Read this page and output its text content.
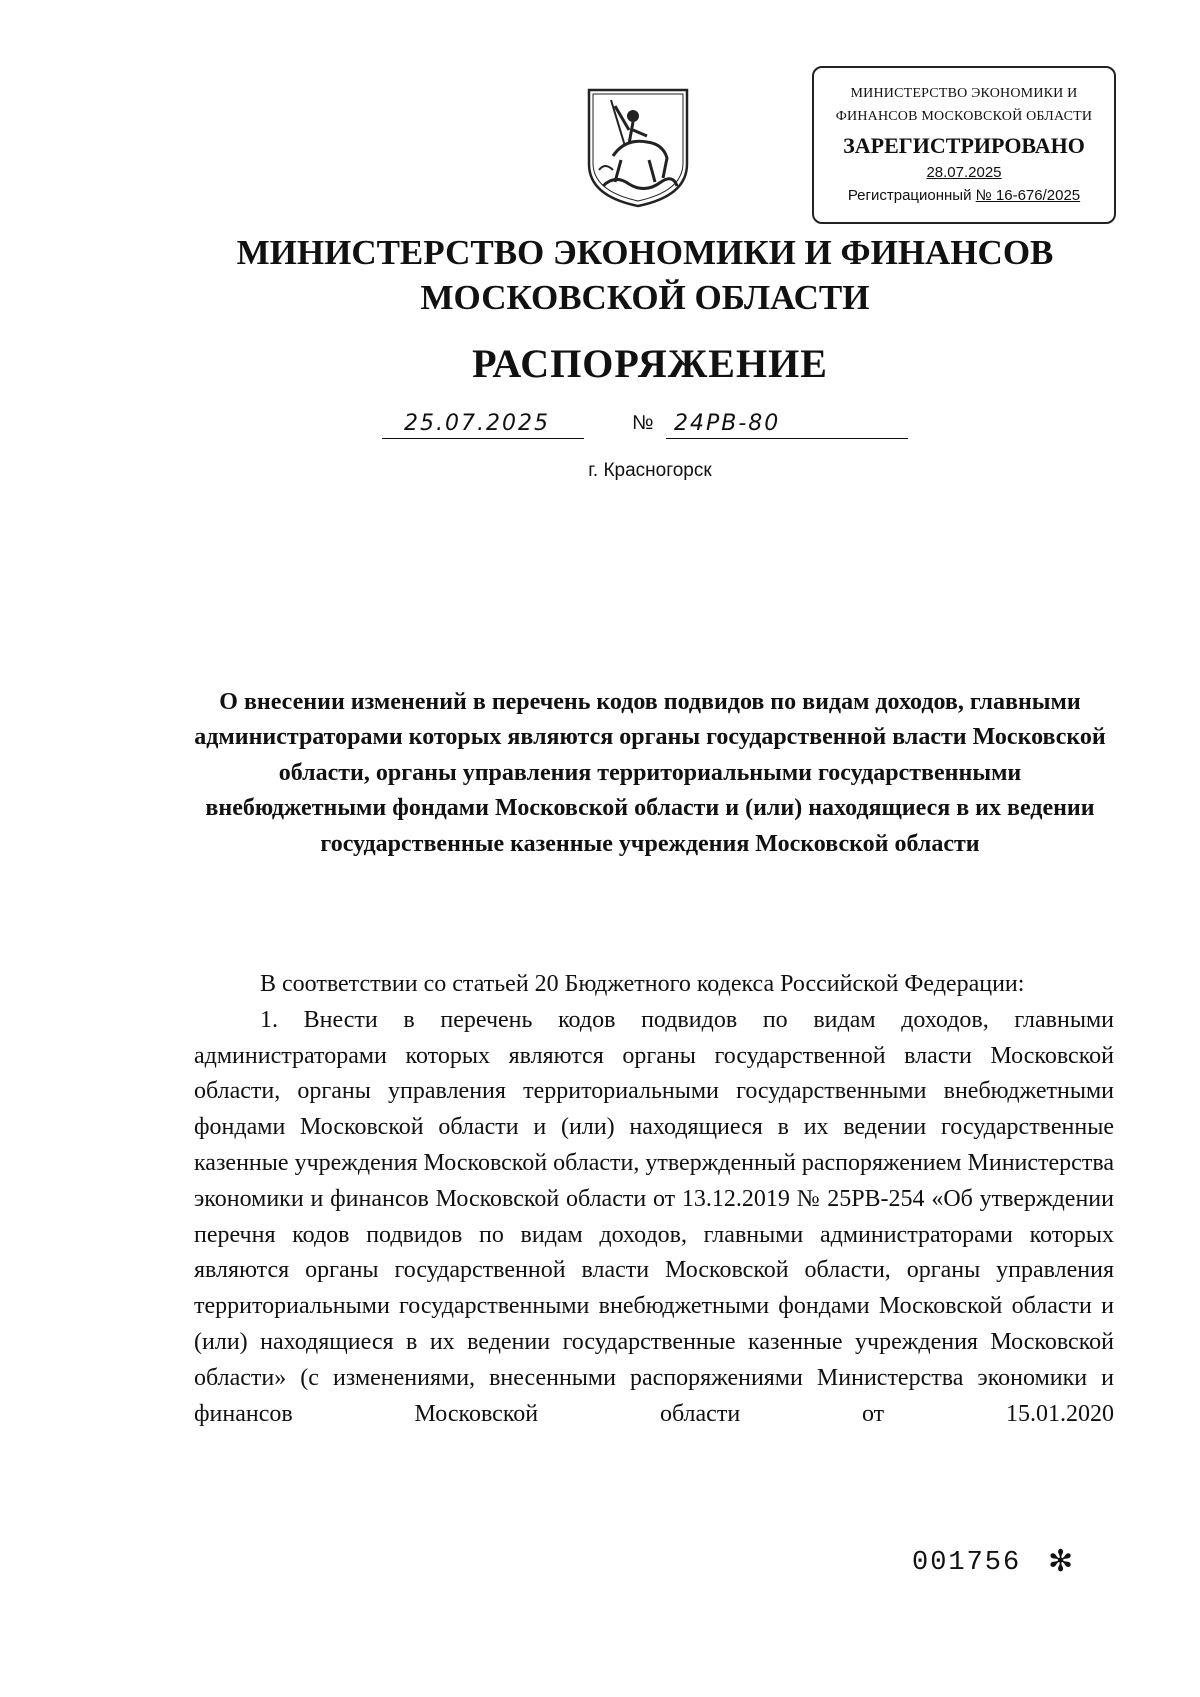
МИНИСТЕРСТВО ЭКОНОМИКИ И
ФИНАНСОВ МОСКОВСКОЙ ОБЛАСТИ
ЗАРЕГИСТРИРОВАНО
28.07.2025
Регистрационный № 16-676/2025
МИНИСТЕРСТВО ЭКОНОМИКИ И ФИНАНСОВ
МОСКОВСКОЙ ОБЛАСТИ
РАСПОРЯЖЕНИЕ
25.07.2025	№ 24РВ-80
г. Красногорск
О внесении изменений в перечень кодов подвидов по видам доходов, главными администраторами которых являются органы государственной власти Московской области, органы управления территориальными государственными внебюджетными фондами Московской области и (или) находящиеся в их ведении государственные казенные учреждения Московской области

В соответствии со статьей 20 Бюджетного кодекса Российской Федерации:

1. Внести в перечень кодов подвидов по видам доходов, главными администраторами которых являются органы государственной власти Московской области, органы управления территориальными государственными внебюджетными фондами Московской области и (или) находящиеся в их ведении государственные казенные учреждения Московской области, утвержденный распоряжением Министерства экономики и финансов Московской области от 13.12.2019 № 25РВ-254 «Об утверждении перечня кодов подвидов по видам доходов, главными администраторами которых являются органы государственной власти Московской области, органы управления территориальными государственными внебюджетными фондами Московской области и (или) находящиеся в их ведении государственные казенные учреждения Московской области» (с изменениями, внесенными распоряжениями Министерства экономики и финансов Московской области от 15.01.2020

001756 ✻
